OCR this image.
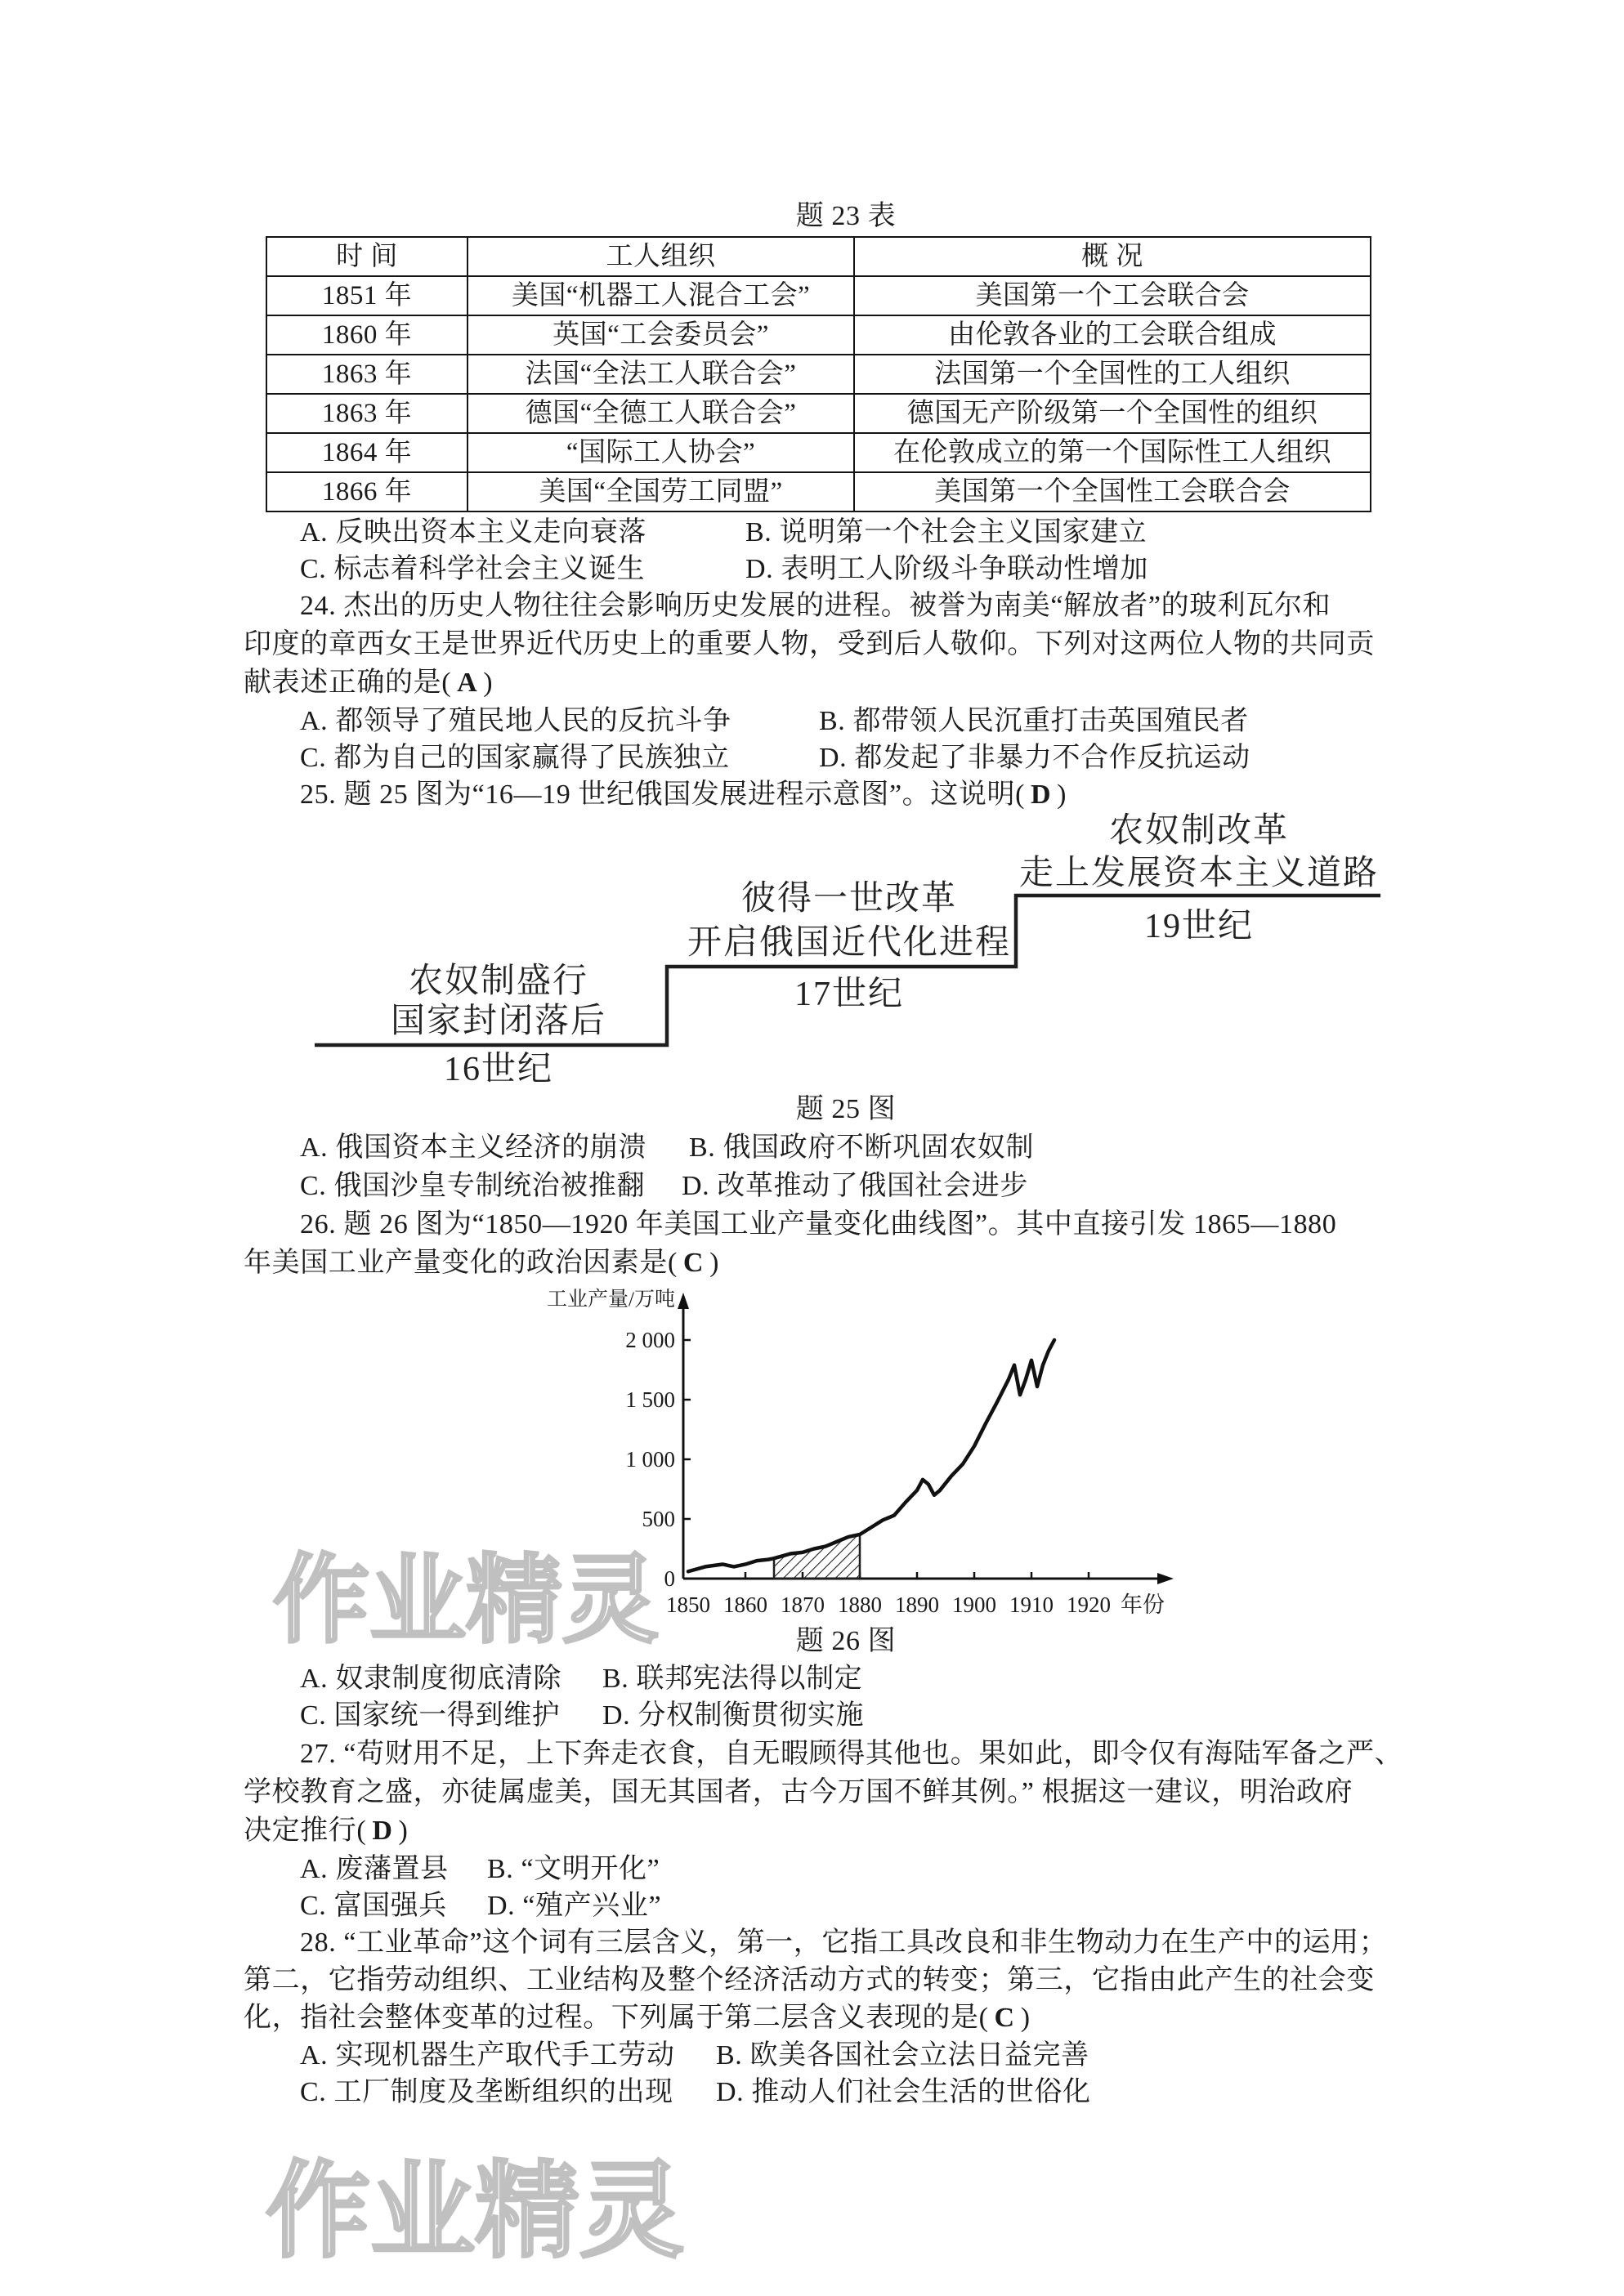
题 23 表
时 间	工人组织	概 况
1851 年	美国“机器工人混合工会”	美国第一个工会联合会
1860 年	英国“工会委员会”	由伦敦各业的工会联合组成
1863 年	法国“全法工人联合会”	法国第一个全国性的工人组织
1863 年	德国“全德工人联合会”	德国无产阶级第一个全国性的组织
1864 年	“国际工人协会”	在伦敦成立的第一个国际性工人组织
1866 年	美国“全国劳工同盟”	美国第一个全国性工会联合会
A. 反映出资本主义走向衰落	B. 说明第一个社会主义国家建立
C. 标志着科学社会主义诞生	D. 表明工人阶级斗争联动性增加
24. 杰出的历史人物往往会影响历史发展的进程。被誉为南美“解放者”的玻利瓦尔和
印度的章西女王是世界近代历史上的重要人物，受到后人敬仰。下列对这两位人物的共同贡
献表述正确的是( A )
A. 都领导了殖民地人民的反抗斗争	B. 都带领人民沉重打击英国殖民者
C. 都为自己的国家赢得了民族独立	D. 都发起了非暴力不合作反抗运动
25. 题 25 图为“16—19 世纪俄国发展进程示意图”。这说明( D )
农奴制盛行
国家封闭落后
16世纪
彼得一世改革
开启俄国近代化进程
17世纪
农奴制改革
走上发展资本主义道路
19世纪
题 25 图
A. 俄国资本主义经济的崩溃 B. 俄国政府不断巩固农奴制
C. 俄国沙皇专制统治被推翻 D. 改革推动了俄国社会进步
26. 题 26 图为“1850—1920 年美国工业产量变化曲线图”。其中直接引发 1865—1880
年美国工业产量变化的政治因素是( C )
工业产量/万吨
年份
0
500
1 000
1 500
2 000
1850 1860 1870 1880 1890 1900 1910 1920
题 26 图
A. 奴隶制度彻底清除 B. 联邦宪法得以制定
C. 国家统一得到维护 D. 分权制衡贯彻实施
27. “苟财用不足，上下奔走衣食，自无暇顾得其他也。果如此，即令仅有海陆军备之严、
学校教育之盛，亦徒属虚美，国无其国者，古今万国不鲜其例。” 根据这一建议，明治政府
决定推行( D )
A. 废藩置县 B. “文明开化”
C. 富国强兵 D. “殖产兴业”
28. “工业革命”这个词有三层含义，第一，它指工具改良和非生物动力在生产中的运用；
第二，它指劳动组织、工业结构及整个经济活动方式的转变；第三，它指由此产生的社会变
化，指社会整体变革的过程。下列属于第二层含义表现的是( C )
A. 实现机器生产取代手工劳动 B. 欧美各国社会立法日益完善
C. 工厂制度及垄断组织的出现 D. 推动人们社会生活的世俗化
作业精灵
作业精灵
